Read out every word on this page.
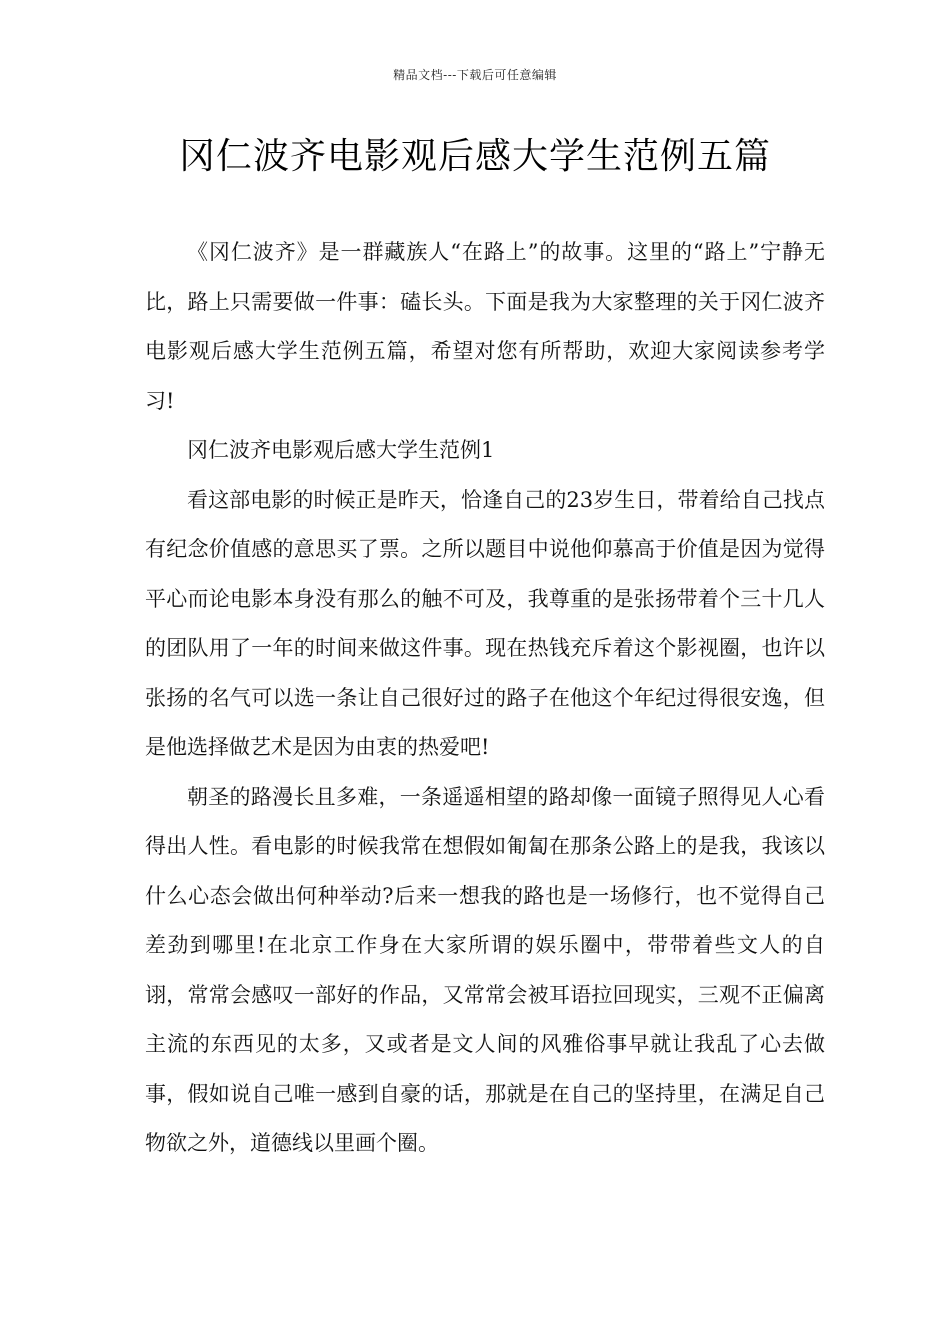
精品文档---下载后可任意编辑
冈仁波齐电影观后感大学生范例五篇

《冈仁波齐》是一群藏族人“在路上”的故事。这里的“路上”宁静无比，路上只需要做一件事：磕长头。下面是我为大家整理的关于冈仁波齐电影观后感大学生范例五篇，希望对您有所帮助，欢迎大家阅读参考学习!

冈仁波齐电影观后感大学生范例1

看这部电影的时候正是昨天，恰逢自己的23岁生日，带着给自己找点有纪念价值感的意思买了票。之所以题目中说他仰慕高于价值是因为觉得平心而论电影本身没有那么的触不可及，我尊重的是张扬带着个三十几人的团队用了一年的时间来做这件事。现在热钱充斥着这个影视圈，也许以张扬的名气可以选一条让自己很好过的路子在他这个年纪过得很安逸，但是他选择做艺术是因为由衷的热爱吧!

朝圣的路漫长且多难，一条遥遥相望的路却像一面镜子照得见人心看得出人性。看电影的时候我常在想假如匍匐在那条公路上的是我，我该以什么心态会做出何种举动?后来一想我的路也是一场修行，也不觉得自己差劲到哪里!在北京工作身在大家所谓的娱乐圈中，带带着些文人的自诩，常常会感叹一部好的作品，又常常会被耳语拉回现实，三观不正偏离主流的东西见的太多，又或者是文人间的风雅俗事早就让我乱了心去做事，假如说自己唯一感到自豪的话，那就是在自己的坚持里，在满足自己物欲之外，道德线以里画个圈。
